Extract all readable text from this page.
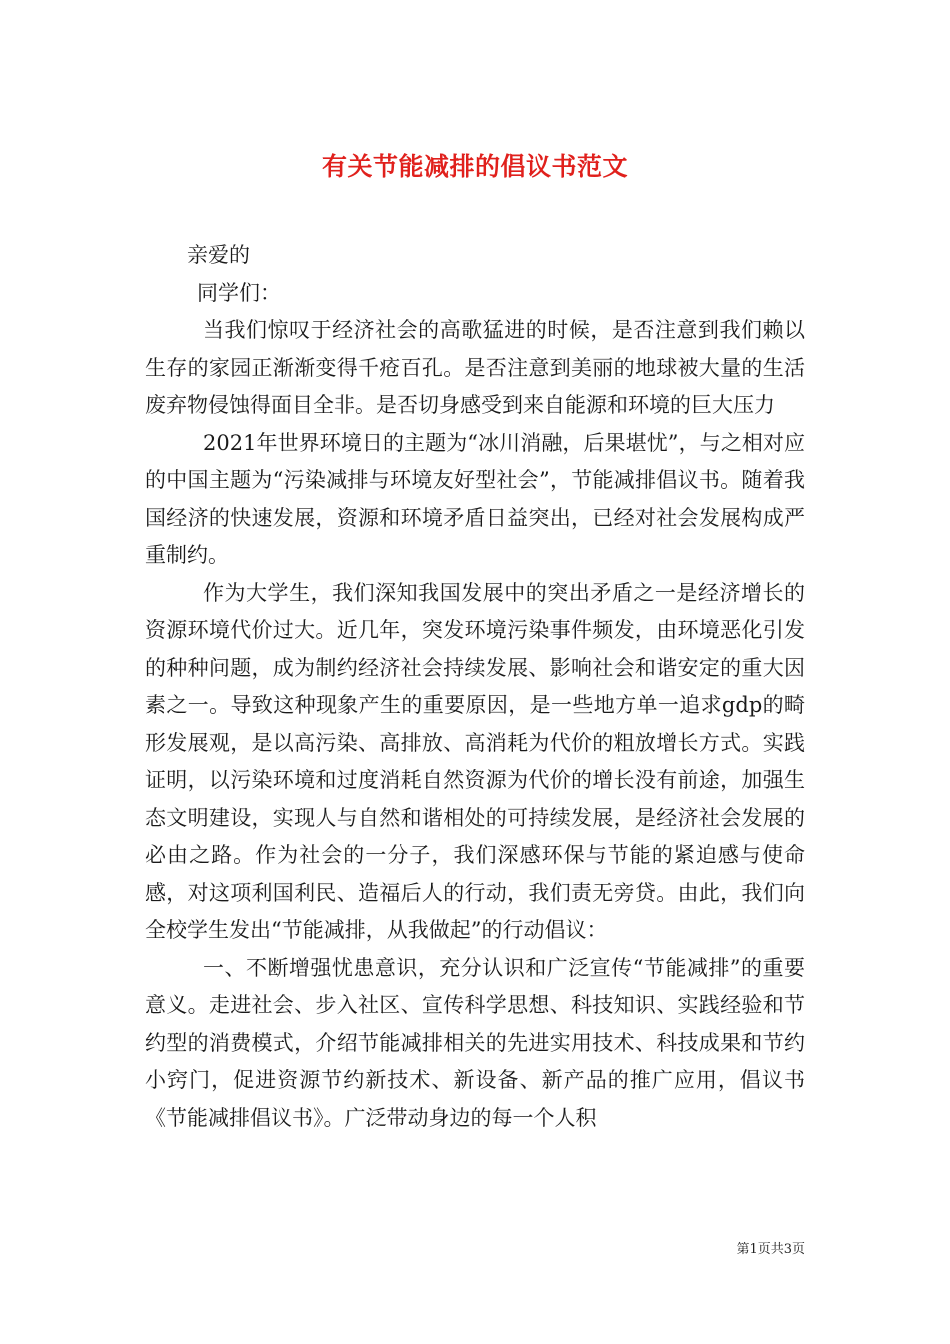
有关节能减排的倡议书范文

亲爱的

同学们：

当我们惊叹于经济社会的高歌猛进的时候，是否注意到我们赖以生存的家园正渐渐变得千疮百孔。是否注意到美丽的地球被大量的生活废弃物侵蚀得面目全非。是否切身感受到来自能源和环境的巨大压力

2021年世界环境日的主题为“冰川消融，后果堪忧”，与之相对应的中国主题为“污染减排与环境友好型社会”，节能减排倡议书。随着我国经济的快速发展，资源和环境矛盾日益突出，已经对社会发展构成严重制约。

作为大学生，我们深知我国发展中的突出矛盾之一是经济增长的资源环境代价过大。近几年，突发环境污染事件频发，由环境恶化引发的种种问题，成为制约经济社会持续发展、影响社会和谐安定的重大因素之一。导致这种现象产生的重要原因，是一些地方单一追求gdp的畸形发展观，是以高污染、高排放、高消耗为代价的粗放增长方式。实践证明，以污染环境和过度消耗自然资源为代价的增长没有前途，加强生态文明建设，实现人与自然和谐相处的可持续发展，是经济社会发展的必由之路。作为社会的一分子，我们深感环保与节能的紧迫感与使命感，对这项利国利民、造福后人的行动，我们责无旁贷。由此，我们向全校学生发出“节能减排，从我做起”的行动倡议：

一、不断增强忧患意识，充分认识和广泛宣传“节能减排”的重要意义。走进社会、步入社区、宣传科学思想、科技知识、实践经验和节约型的消费模式，介绍节能减排相关的先进实用技术、科技成果和节约小窍门，促进资源节约新技术、新设备、新产品的推广应用，倡议书《节能减排倡议书》。广泛带动身边的每一个人积

第1页共3页
